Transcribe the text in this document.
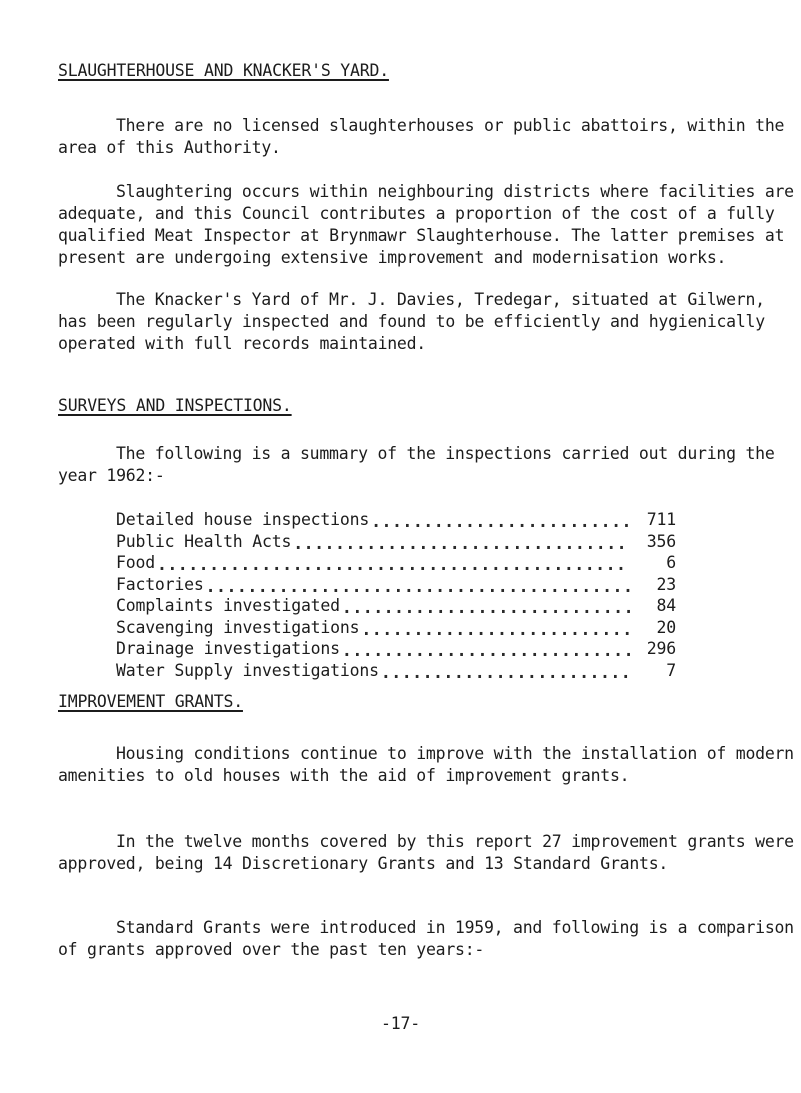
SLAUGHTERHOUSE AND KNACKER'S YARD.

There are no licensed slaughterhouses or public abattoirs, within the area of this Authority.

Slaughtering occurs within neighbouring districts where facilities are adequate, and this Council contributes a proportion of the cost of a fully qualified Meat Inspector at Brynmawr Slaughterhouse. The latter premises at present are undergoing extensive improvement and modernisation works.

The Knacker's Yard of Mr. J. Davies, Tredegar, situated at Gilwern, has been regularly inspected and found to be efficiently and hygienically operated with full records maintained.

SURVEYS AND INSPECTIONS.

The following is a summary of the inspections carried out during the year 1962:-

Detailed house inspections .....	711
Public Health Acts .....	356
Food .....	6
Factories .....	23
Complaints investigated .....	84
Scavenging investigations .....	20
Drainage investigations .....	296
Water Supply investigations .....	7
IMPROVEMENT GRANTS.

Housing conditions continue to improve with the installation of modern amenities to old houses with the aid of improvement grants.

In the twelve months covered by this report 27 improvement grants were approved, being 14 Discretionary Grants and 13 Standard Grants.

Standard Grants were introduced in 1959, and following is a comparison of grants approved over the past ten years:-

-17-
